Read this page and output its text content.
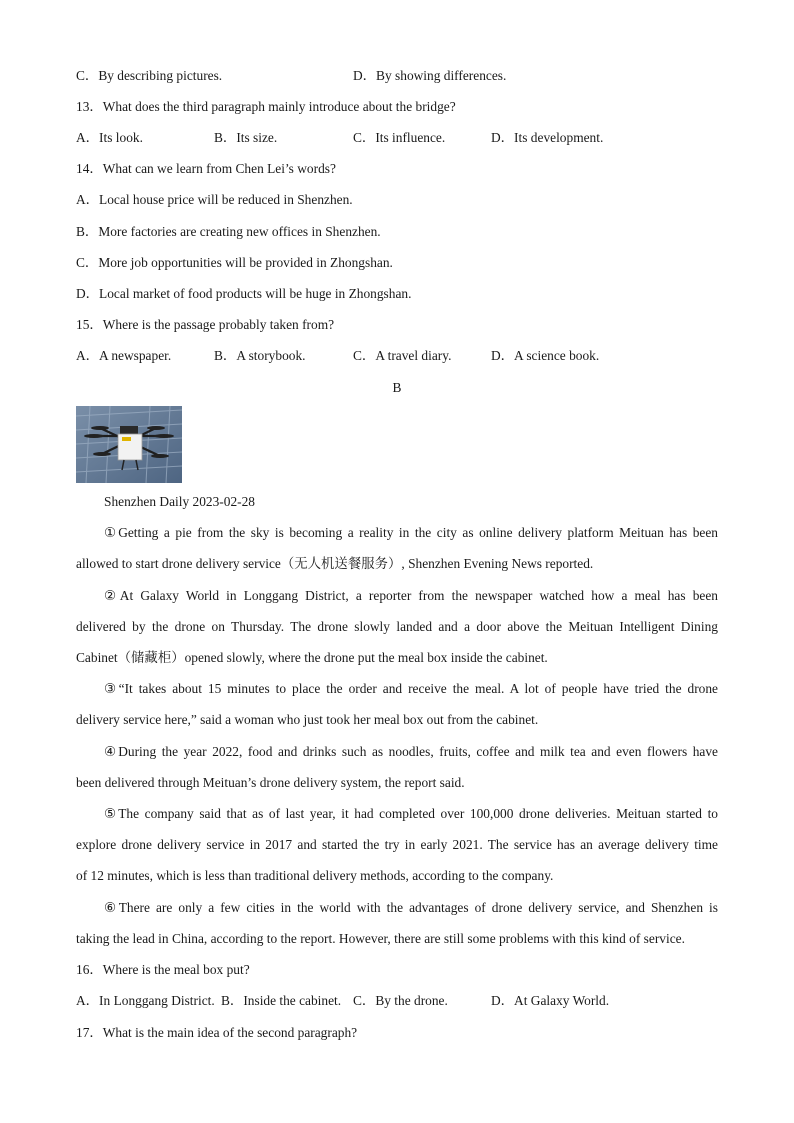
C．By describing pictures.	D．By showing differences.
13．What does the third paragraph mainly introduce about the bridge?
A．Its look.	B．Its size.	C．Its influence.	D．Its development.
14．What can we learn from Chen Lei’s words?
A．Local house price will be reduced in Shenzhen.
B．More factories are creating new offices in Shenzhen.
C．More job opportunities will be provided in Zhongshan.
D．Local market of food products will be huge in Zhongshan.
15．Where is the passage probably taken from?
A．A newspaper.	B．A storybook.	C．A travel diary.	D．A science book.
B
Shenzhen Daily 2023-02-28
①Getting a pie from the sky is becoming a reality in the city as online delivery platform Meituan has been
allowed to start drone delivery service（无人机送餐服务）, Shenzhen Evening News reported.
②At Galaxy World in Longgang District, a reporter from the newspaper watched how a meal has been
delivered by the drone on Thursday. The drone slowly landed and a door above the Meituan Intelligent Dining
Cabinet（储藏柜）opened slowly, where the drone put the meal box inside the cabinet.
③“It takes about 15 minutes to place the order and receive the meal. A lot of people have tried the drone
delivery service here,” said a woman who just took her meal box out from the cabinet.
④During the year 2022, food and drinks such as noodles, fruits, coffee and milk tea and even flowers have
been delivered through Meituan’s drone delivery system, the report said.
⑤The company said that as of last year, it had completed over 100,000 drone deliveries. Meituan started to
explore drone delivery service in 2017 and started the try in early 2021. The service has an average delivery time
of 12 minutes, which is less than traditional delivery methods, according to the company.
⑥There are only a few cities in the world with the advantages of drone delivery service, and Shenzhen is
taking the lead in China, according to the report. However, there are still some problems with this kind of service.
16．Where is the meal box put?
A．In Longgang District. B．Inside the cabinet. C．By the drone.	D．At Galaxy World.
17．What is the main idea of the second paragraph?
